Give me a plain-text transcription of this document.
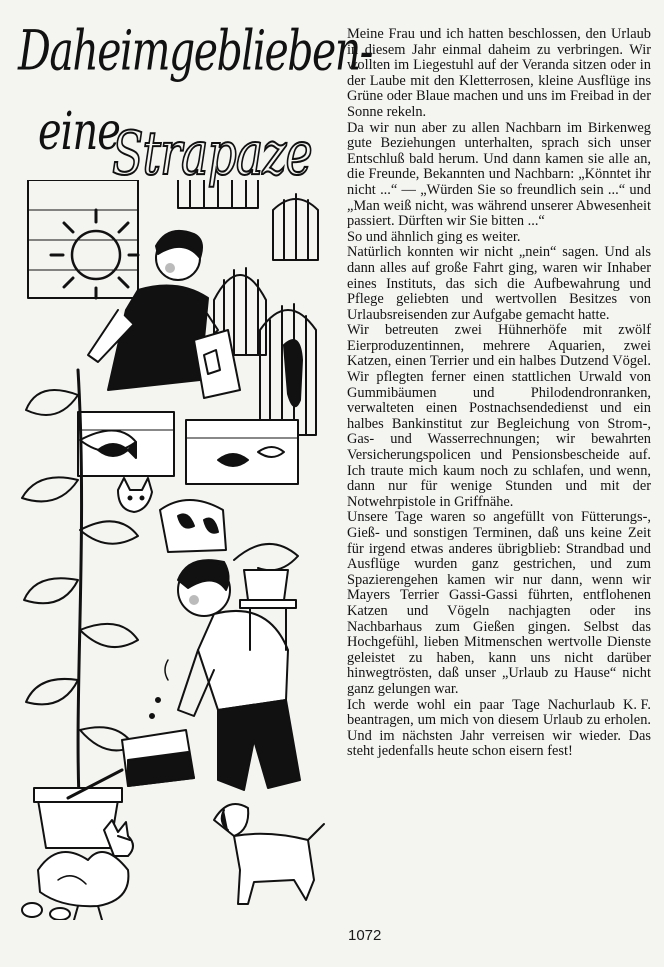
Daheimgeblieben-
eine
Strapaze

Meine Frau und ich hatten beschlossen, den Urlaub in diesem Jahr einmal daheim zu verbringen. Wir wollten im Liegestuhl auf der Veranda sitzen oder in der Laube mit den Kletterrosen, kleine Ausflüge ins Grüne oder Blaue machen und uns im Freibad in der Sonne rekeln.

Da wir nun aber zu allen Nachbarn im Birkenweg gute Beziehungen unterhalten, sprach sich unser Entschluß bald herum. Und dann kamen sie alle an, die Freunde, Bekannten und Nachbarn: „Könntet ihr nicht ...“ — „Würden Sie so freundlich sein ...“ und „Man weiß nicht, was während unserer Abwesenheit passiert. Dürften wir Sie bitten ...“

So und ähnlich ging es weiter.

Natürlich konnten wir nicht „nein“ sagen. Und als dann alles auf große Fahrt ging, waren wir Inhaber eines Instituts, das sich die Aufbewahrung und Pflege geliebten und wertvollen Besitzes von Urlaubsreisenden zur Aufgabe gemacht hatte.

Wir betreuten zwei Hühnerhöfe mit zwölf Eierproduzentinnen, mehrere Aquarien, zwei Katzen, einen Terrier und ein halbes Dutzend Vögel. Wir pflegten ferner einen stattlichen Urwald von Gummibäumen und Philodendronranken, verwalteten einen Postnachsendedienst und ein halbes Bankinstitut zur Begleichung von Strom-, Gas- und Wasserrechnungen; wir bewahrten Versicherungspolicen und Pensionsbescheide auf. Ich traute mich kaum noch zu schlafen, und wenn, dann nur für wenige Stunden und mit der Notwehrpistole in Griffnähe.

Unsere Tage waren so angefüllt von Fütterungs-, Gieß- und sonstigen Terminen, daß uns keine Zeit für irgend etwas anderes übrigblieb: Strandbad und Ausflüge wurden ganz gestrichen, und zum Spazierengehen kamen wir nur dann, wenn wir Mayers Terrier Gassi-Gassi führten, entflohenen Katzen und Vögeln nachjagten oder ins Nachbarhaus zum Gießen gingen. Selbst das Hochgefühl, lieben Mitmenschen wertvolle Dienste geleistet zu haben, kann uns nicht darüber hinwegtrösten, daß unser „Urlaub zu Hause“ nicht ganz gelungen war.

K. F.
Ich werde wohl ein paar Tage Nachurlaub beantragen, um mich von diesem Urlaub zu erholen. Und im nächsten Jahr verreisen wir wieder. Das steht jedenfalls heute schon eisern fest!

1072
